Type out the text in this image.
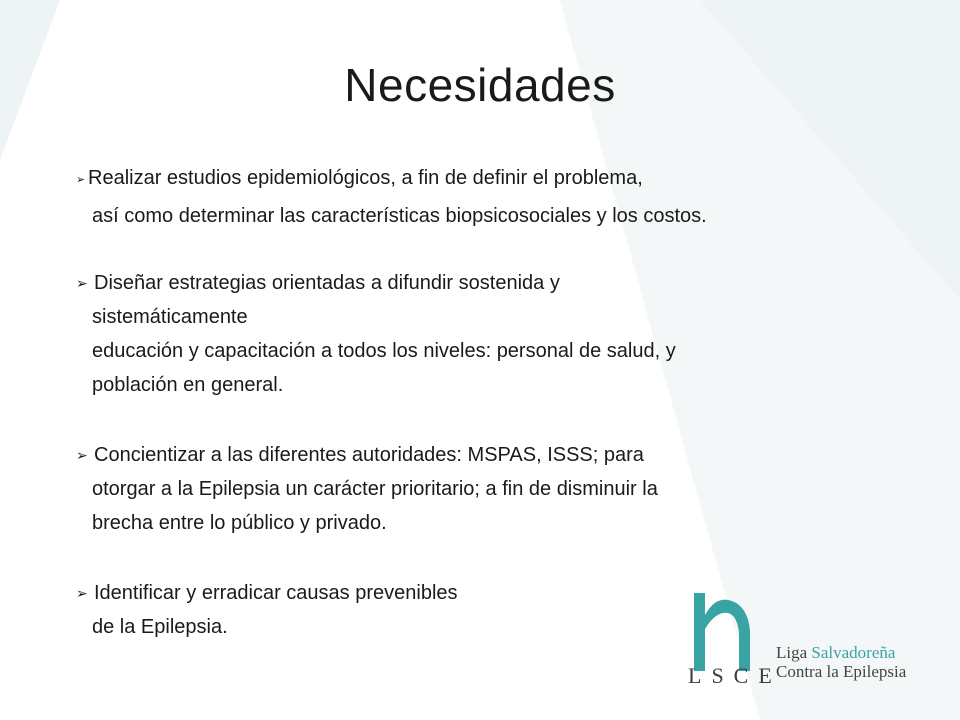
Necesidades
➢ Realizar estudios epidemiológicos, a fin de definir el problema,
así como determinar las características biopsicosociales y los costos.
➢ Diseñar estrategias orientadas a difundir sostenida y
sistemáticamente
educación y capacitación a todos los niveles: personal de salud, y
población en general.
➢ Concientizar a las diferentes autoridades: MSPAS, ISSS; para
otorgar a la Epilepsia un carácter prioritario; a fin de disminuir la
brecha entre lo público y privado.
➢ Identificar y erradicar causas prevenibles
de la Epilepsia.
Liga Salvadoreña
Contra la Epilepsia
LSCE
